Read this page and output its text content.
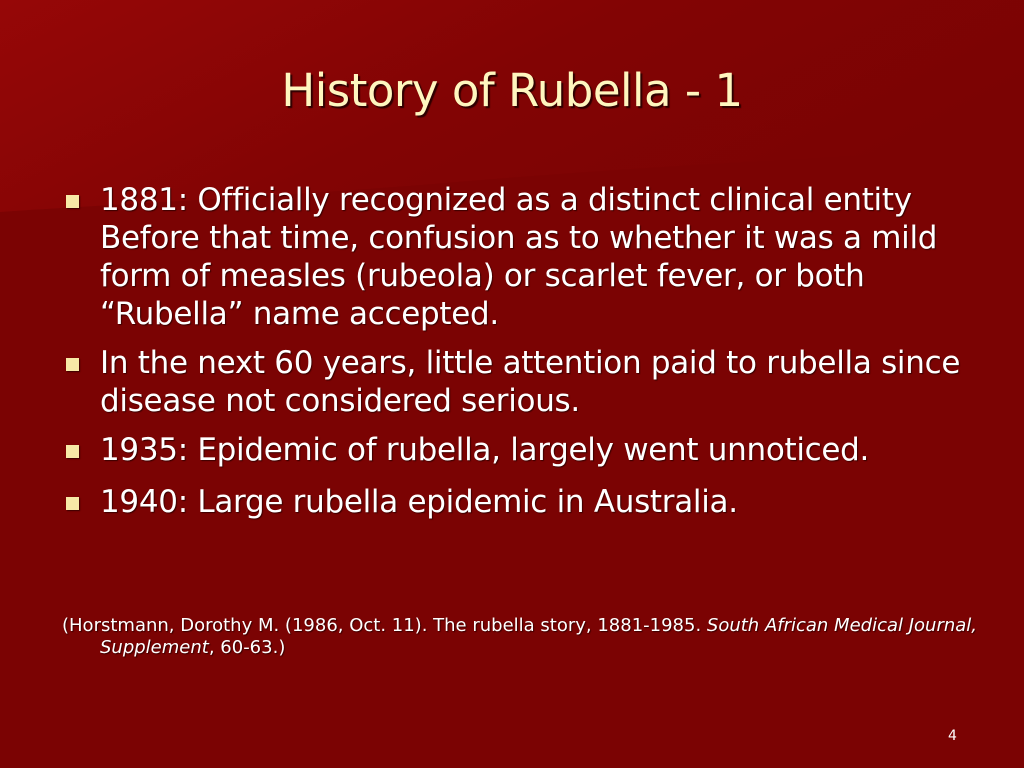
History of Rubella - 1
1881: Officially recognized as a distinct clinical entity Before that time, confusion as to whether it was a mild form of measles (rubeola) or scarlet fever, or both “Rubella” name accepted.
In the next 60 years, little attention paid to rubella since disease not considered serious.
1935: Epidemic of rubella, largely went unnoticed.
1940: Large rubella epidemic in Australia.
(Horstmann, Dorothy M. (1986, Oct. 11). The rubella story, 1881-1985. South African Medical Journal, Supplement, 60-63.)
4
